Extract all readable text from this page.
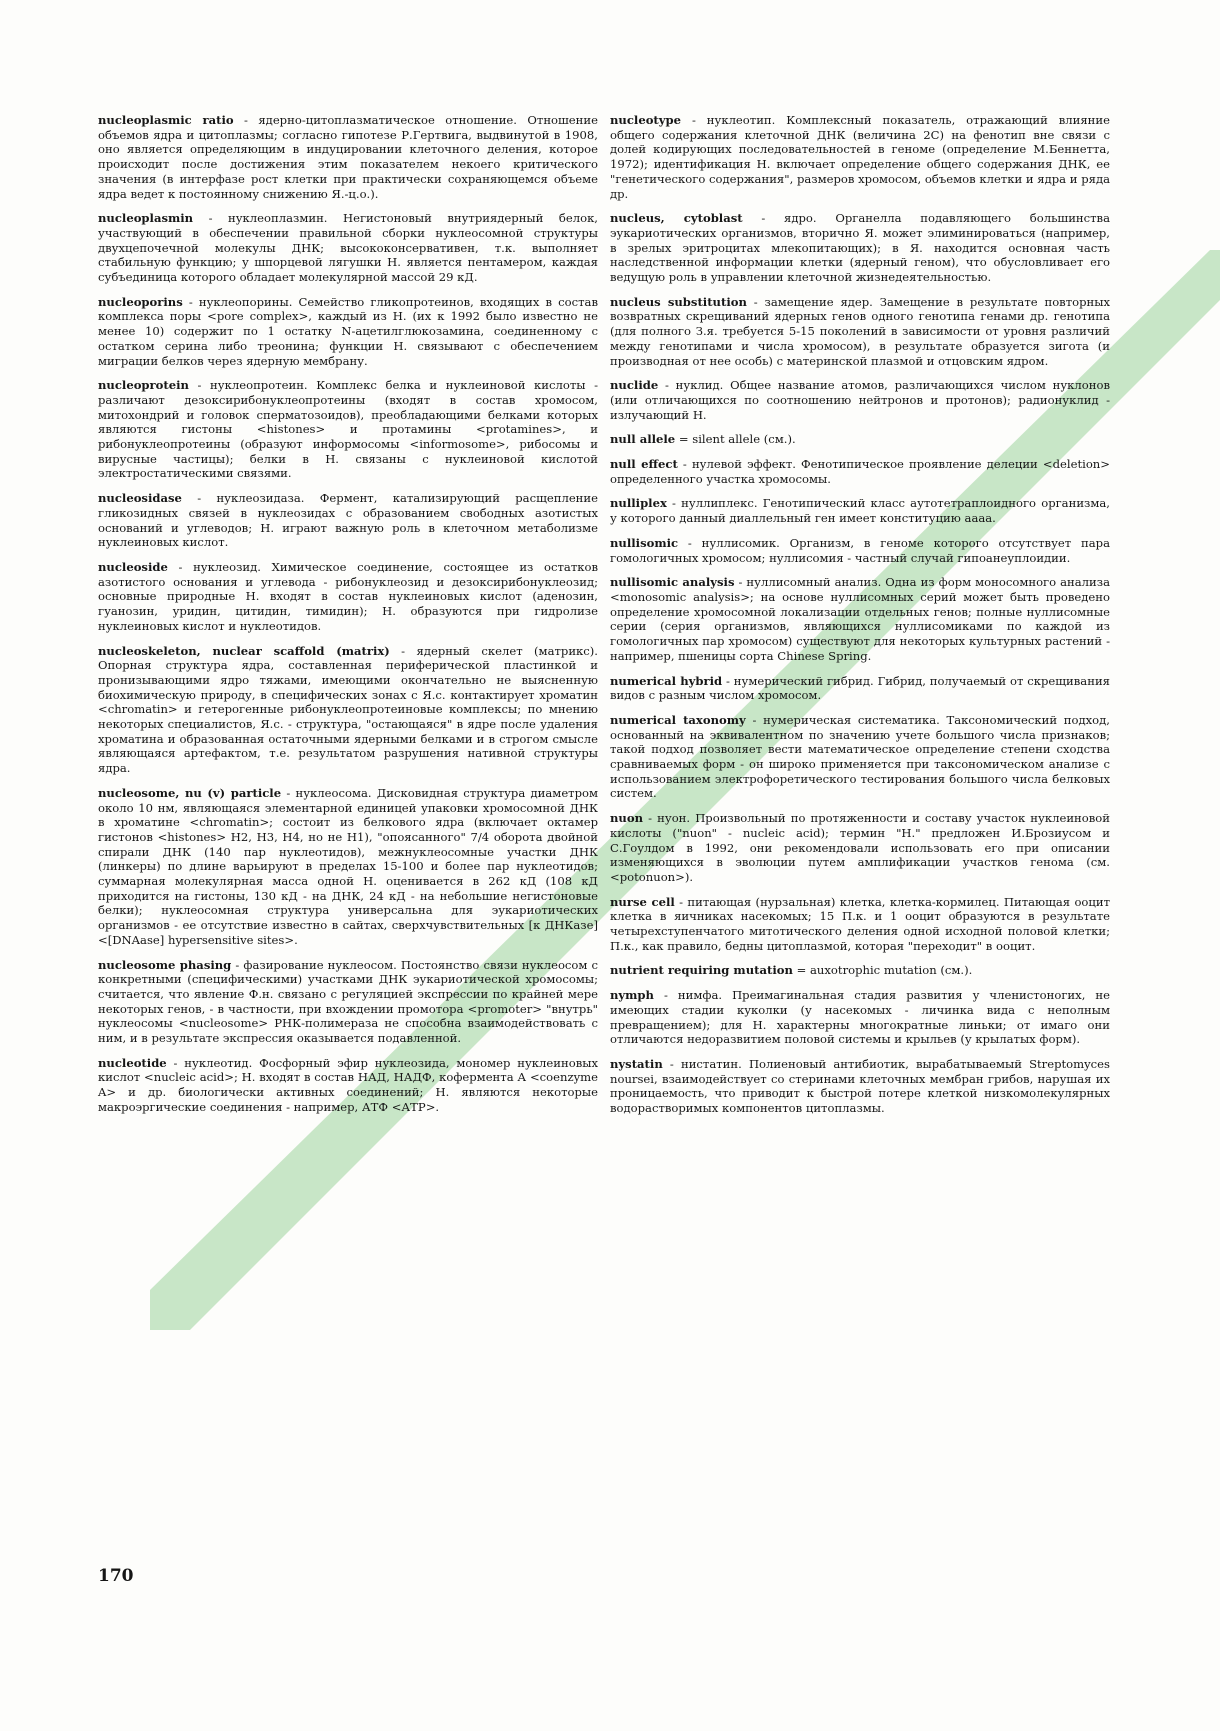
nucleoplasmic ratio - ядерно-цитоплазматическое отношение. Отношение объемов ядра и цитоплазмы; согласно гипотезе Р.Гертвига, выдвинутой в 1908, оно является определяющим в индуцировании клеточного деления, которое происходит после достижения этим показателем некоего критического значения (в интерфазе рост клетки при практически сохраняющемся объеме ядра ведет к постоянному снижению Я.-ц.о.).
nucleoplasmin - нуклеоплазмин. Негистоновый внутриядерный белок, участвующий в обеспечении правильной сборки нуклеосомной структуры двухцепочечной молекулы ДНК; высококонсервативен, т.к. выполняет стабильную функцию; у шпорцевой лягушки Н. является пентамером, каждая субъединица которого обладает молекулярной массой 29 кД.
nucleoporins - нуклеопорины. Семейство гликопротеинов, входящих в состав комплекса поры <pore complex>, каждый из Н. (их к 1992 было известно не менее 10) содержит по 1 остатку N-ацетилглюкозамина, соединенному с остатком серина либо треонина; функции Н. связывают с обеспечением миграции белков через ядерную мембрану.
nucleoprotein - нуклеопротеин. Комплекс белка и нуклеиновой кислоты - различают дезоксирибонуклеопротеины (входят в состав хромосом, митохондрий и головок сперматозоидов), преобладающими белками которых являются гистоны <histones> и протамины <protamines>, и рибонуклеопротеины (образуют информосомы <informosome>, рибосомы и вирусные частицы); белки в Н. связаны с нуклеиновой кислотой электростатическими связями.
nucleosidase - нуклеозидаза. Фермент, катализирующий расщепление гликозидных связей в нуклеозидах с образованием свободных азотистых оснований и углеводов; Н. играют важную роль в клеточном метаболизме нуклеиновых кислот.
nucleoside - нуклеозид. Химическое соединение, состоящее из остатков азотистого основания и углевода - рибонуклеозид и дезоксирибонуклеозид; основные природные Н. входят в состав нуклеиновых кислот (аденозин, гуанозин, уридин, цитидин, тимидин); Н. образуются при гидролизе нуклеиновых кислот и нуклеотидов.
nucleoskeleton, nuclear scaffold (matrix) - ядерный скелет (матрикс). Опорная структура ядра, составленная периферической пластинкой и пронизывающими ядро тяжами, имеющими окончательно не выясненную биохимическую природу, в специфических зонах с Я.с. контактирует хроматин <chromatin> и гетерогенные рибонуклеопротеиновые комплексы; по мнению некоторых специалистов, Я.с. - структура, "остающаяся" в ядре после удаления хроматина и образованная остаточными ядерными белками и в строгом смысле являющаяся артефактом, т.е. результатом разрушения нативной структуры ядра.
nucleosome, nu (v) particle - нуклеосома. Дисковидная структура диаметром около 10 нм, являющаяся элементарной единицей упаковки хромосомной ДНК в хроматине <chromatin>; состоит из белкового ядра (включает октамер гистонов <histones> Н2, Н3, Н4, но не Н1), "опоясанного" 7/4 оборота двойной спирали ДНК (140 пар нуклеотидов), межнуклеосомные участки ДНК (линкеры) по длине варьируют в пределах 15-100 и более пар нуклеотидов; суммарная молекулярная масса одной Н. оценивается в 262 кД (108 кД приходится на гистоны, 130 кД - на ДНК, 24 кД - на небольшие негистоновые белки); нуклеосомная структура универсальна для эукариотических организмов - ее отсутствие известно в сайтах, сверхчувствительных [к ДНКазе] <[DNAase] hypersensitive sites>.
nucleosome phasing - фазирование нуклеосом. Постоянство связи нуклеосом с конкретными (специфическими) участками ДНК эукариотической хромосомы; считается, что явление Ф.н. связано с регуляцией экспрессии по крайней мере некоторых генов, - в частности, при вхождении промотора <promoter> "внутрь" нуклеосомы <nucleosome> РНК-полимераза не способна взаимодействовать с ним, и в результате экспрессия оказывается подавленной.
nucleotide - нуклеотид. Фосфорный эфир нуклеозида, мономер нуклеиновых кислот <nucleic acid>; Н. входят в состав НАД, НАДФ, кофермента А <coenzyme A> и др. биологически активных соединений; Н. являются некоторые макроэргические соединения - например, АТФ <АТР>.
nucleotype - нуклеотип. Комплексный показатель, отражающий влияние общего содержания клеточной ДНК (величина 2С) на фенотип вне связи с долей кодирующих последовательностей в геноме (определение М.Беннетта, 1972); идентификация Н. включает определение общего содержания ДНК, ее "генетического содержания", размеров хромосом, объемов клетки и ядра и ряда др.
nucleus, cytoblast - ядро. Органелла подавляющего большинства эукариотических организмов, вторично Я. может элиминироваться (например, в зрелых эритроцитах млекопитающих); в Я. находится основная часть наследственной информации клетки (ядерный геном), что обусловливает его ведущую роль в управлении клеточной жизнедеятельностью.
nucleus substitution - замещение ядер. Замещение в результате повторных возвратных скрещиваний ядерных генов одного генотипа генами др. генотипа (для полного З.я. требуется 5-15 поколений в зависимости от уровня различий между генотипами и числа хромосом), в результате образуется зигота (и производная от нее особь) с материнской плазмой и отцовским ядром.
nuclide - нуклид. Общее название атомов, различающихся числом нуклонов (или отличающихся по соотношению нейтронов и протонов); радионуклид - излучающий Н.
null allele = silent allele (см.).
null effect - нулевой эффект. Фенотипическое проявление делеции <deletion> определенного участка хромосомы.
nulliplex - нуллиплекс. Генотипический класс аутотетраплоидного организма, у которого данный диаллельный ген имеет конституцию aaaa.
nullisomic - нуллисомик. Организм, в геноме которого отсутствует пара гомологичных хромосом; нуллисомия - частный случай гипоанеуплоидии.
nullisomic analysis - нуллисомный анализ. Одна из форм моносомного анализа <monosomic analysis>; на основе нуллисомных серий может быть проведено определение хромосомной локализации отдельных генов; полные нуллисомные серии (серия организмов, являющихся нуллисомиками по каждой из гомологичных пар хромосом) существуют для некоторых культурных растений - например, пшеницы сорта Chinese Spring.
numerical hybrid - нумерический гибрид. Гибрид, получаемый от скрещивания видов с разным числом хромосом.
numerical taxonomy - нумерическая систематика. Таксономический подход, основанный на эквивалентном по значению учете большого числа признаков; такой подход позволяет вести математическое определение степени сходства сравниваемых форм - он широко применяется при таксономическом анализе с использованием электрофоретического тестирования большого числа белковых систем.
nuon - нуон. Произвольный по протяженности и составу участок нуклеиновой кислоты ("nuon" - nucleic acid); термин "Н." предложен И.Брозиусом и С.Гоулдом в 1992, они рекомендовали использовать его при описании изменяющихся в эволюции путем амплификации участков генома (см. <potonuon>).
nurse cell - питающая (нурзальная) клетка, клетка-кормилец. Питающая ооцит клетка в яичниках насекомых; 15 П.к. и 1 ооцит образуются в результате четырехступенчатого митотического деления одной исходной половой клетки; П.к., как правило, бедны цитоплазмой, которая "переходит" в ооцит.
nutrient requiring mutation = auxotrophic mutation (см.).
nymph - нимфа. Преимагинальная стадия развития у членистоногих, не имеющих стадии куколки (у насекомых - личинка вида с неполным превращением); для Н. характерны многократные линьки; от имаго они отличаются недоразвитием половой системы и крыльев (у крылатых форм).
nystatin - нистатин. Полиеновый антибиотик, вырабатываемый Streptomyces noursei, взаимодействует со стеринами клеточных мембран грибов, нарушая их проницаемость, что приводит к быстрой потере клеткой низкомолекулярных водорастворимых компонентов цитоплазмы.
170
